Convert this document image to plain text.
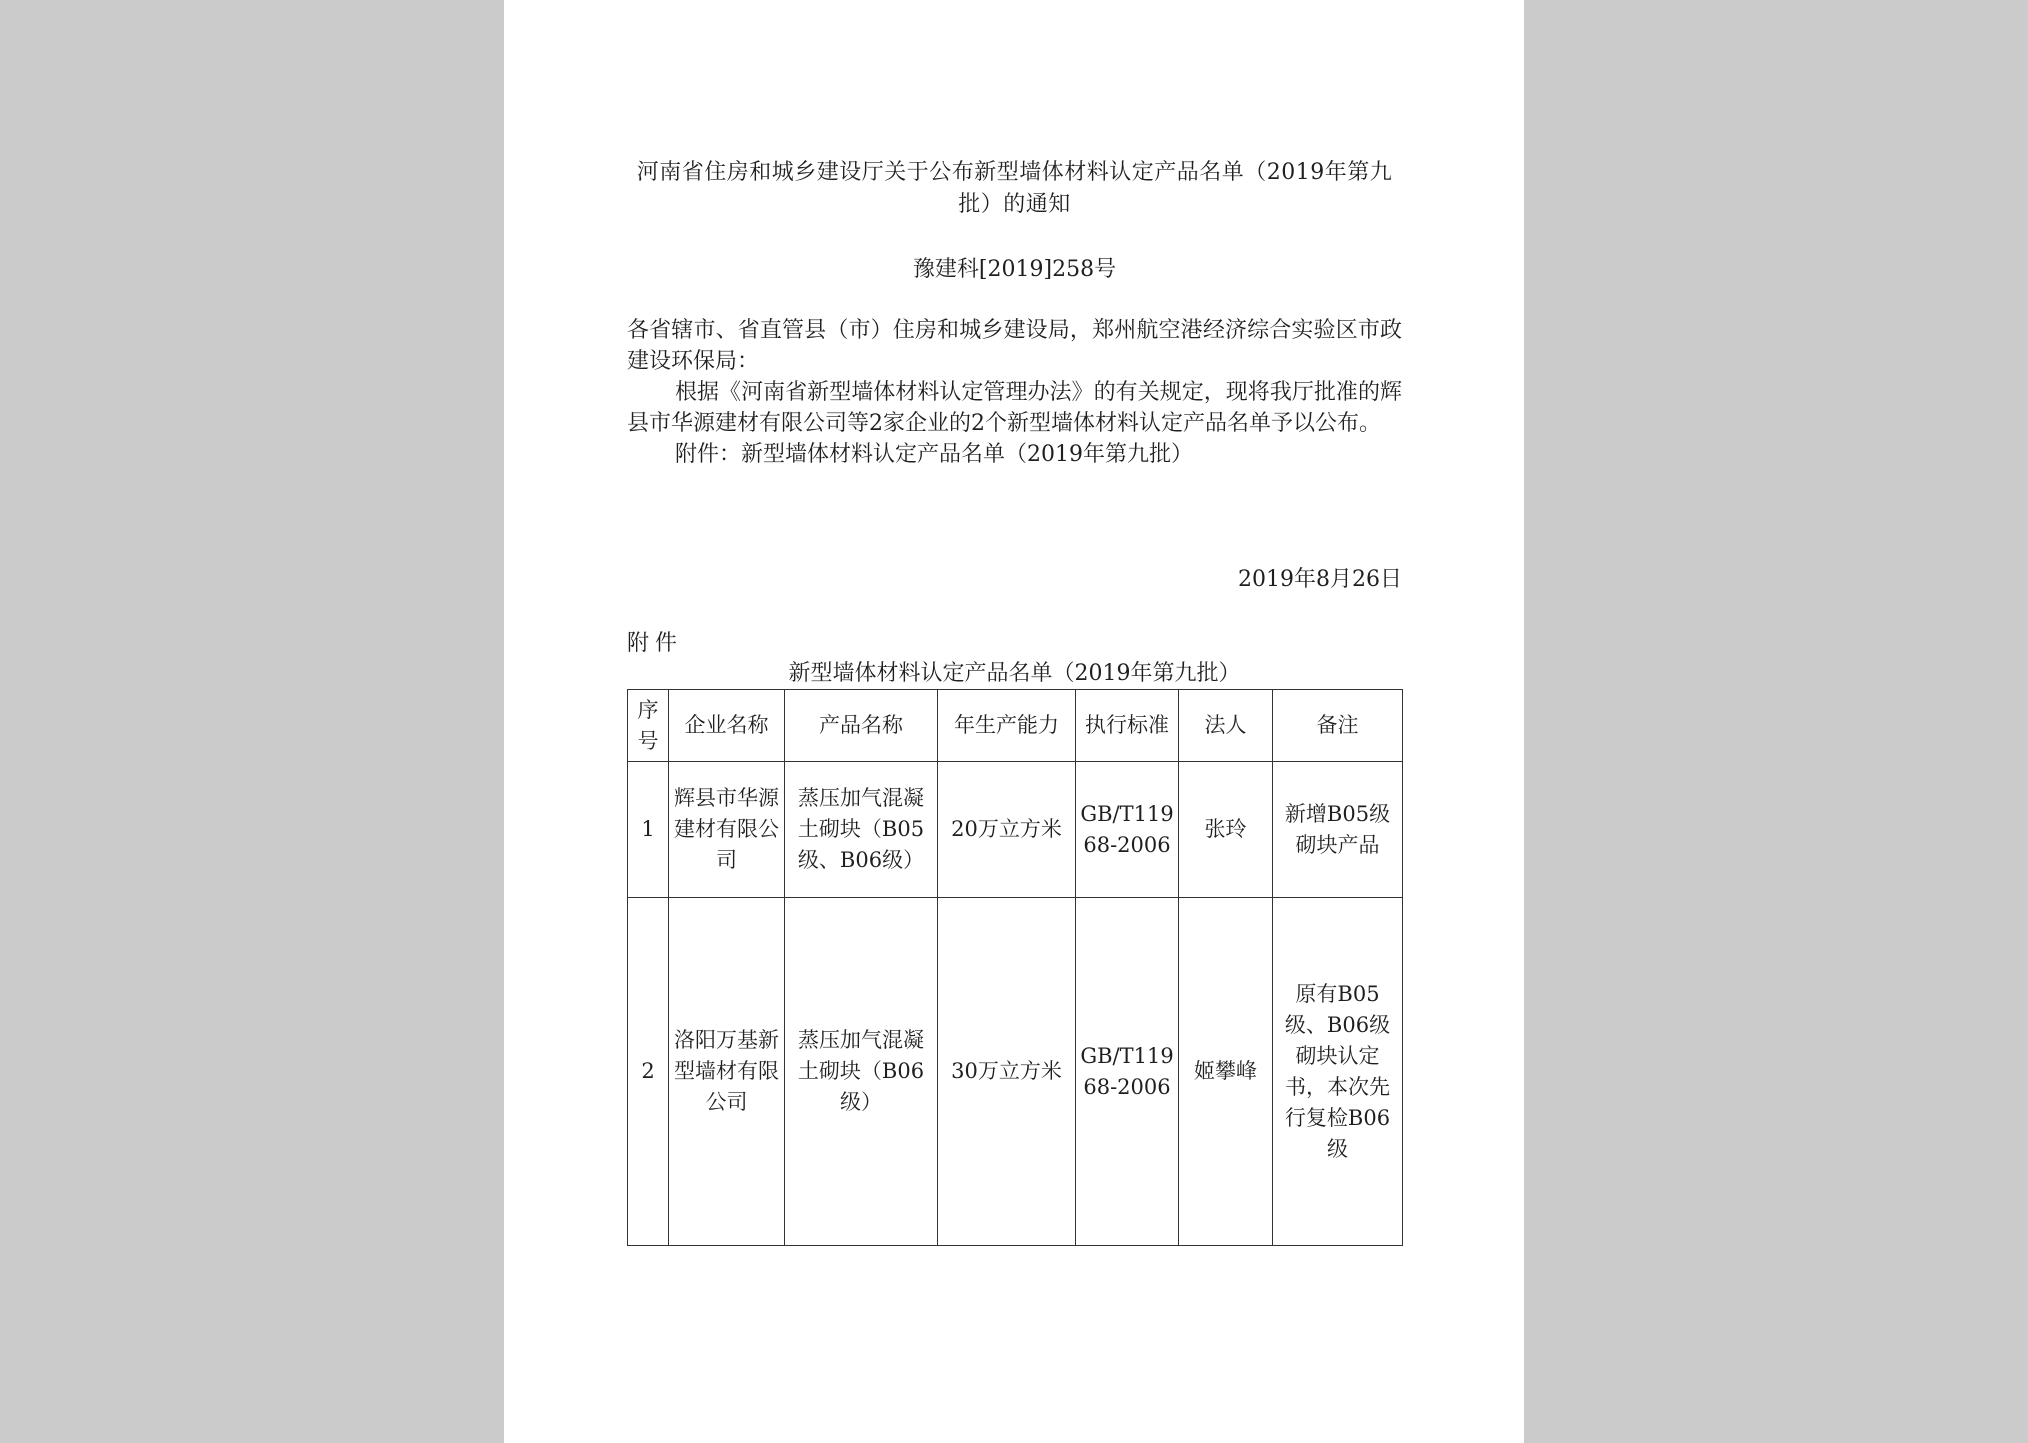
河南省住房和城乡建设厅关于公布新型墙体材料认定产品名单（2019年第九批）的通知
豫建科[2019]258号

各省辖市、省直管县（市）住房和城乡建设局，郑州航空港经济综合实验区市政建设环保局：

根据《河南省新型墙体材料认定管理办法》的有关规定，现将我厅批准的辉县市华源建材有限公司等2家企业的2个新型墙体材料认定产品名单予以公布。

附件：新型墙体材料认定产品名单（2019年第九批）

2019年8月26日
附件
新型墙体材料认定产品名单（2019年第九批）
序号	企业名称	产品名称	年生产能力	执行标准	法人	备注
1	辉县市华源建材有限公司	蒸压加气混凝土砌块（B05级、B06级）	20万立方米	GB/T11968-2006	张玲	新增B05级砌块产品
2	洛阳万基新型墙材有限公司	蒸压加气混凝土砌块（B06级）	30万立方米	GB/T11968-2006	姬攀峰	原有B05级、B06级砌块认定书，本次先行复检B06级
